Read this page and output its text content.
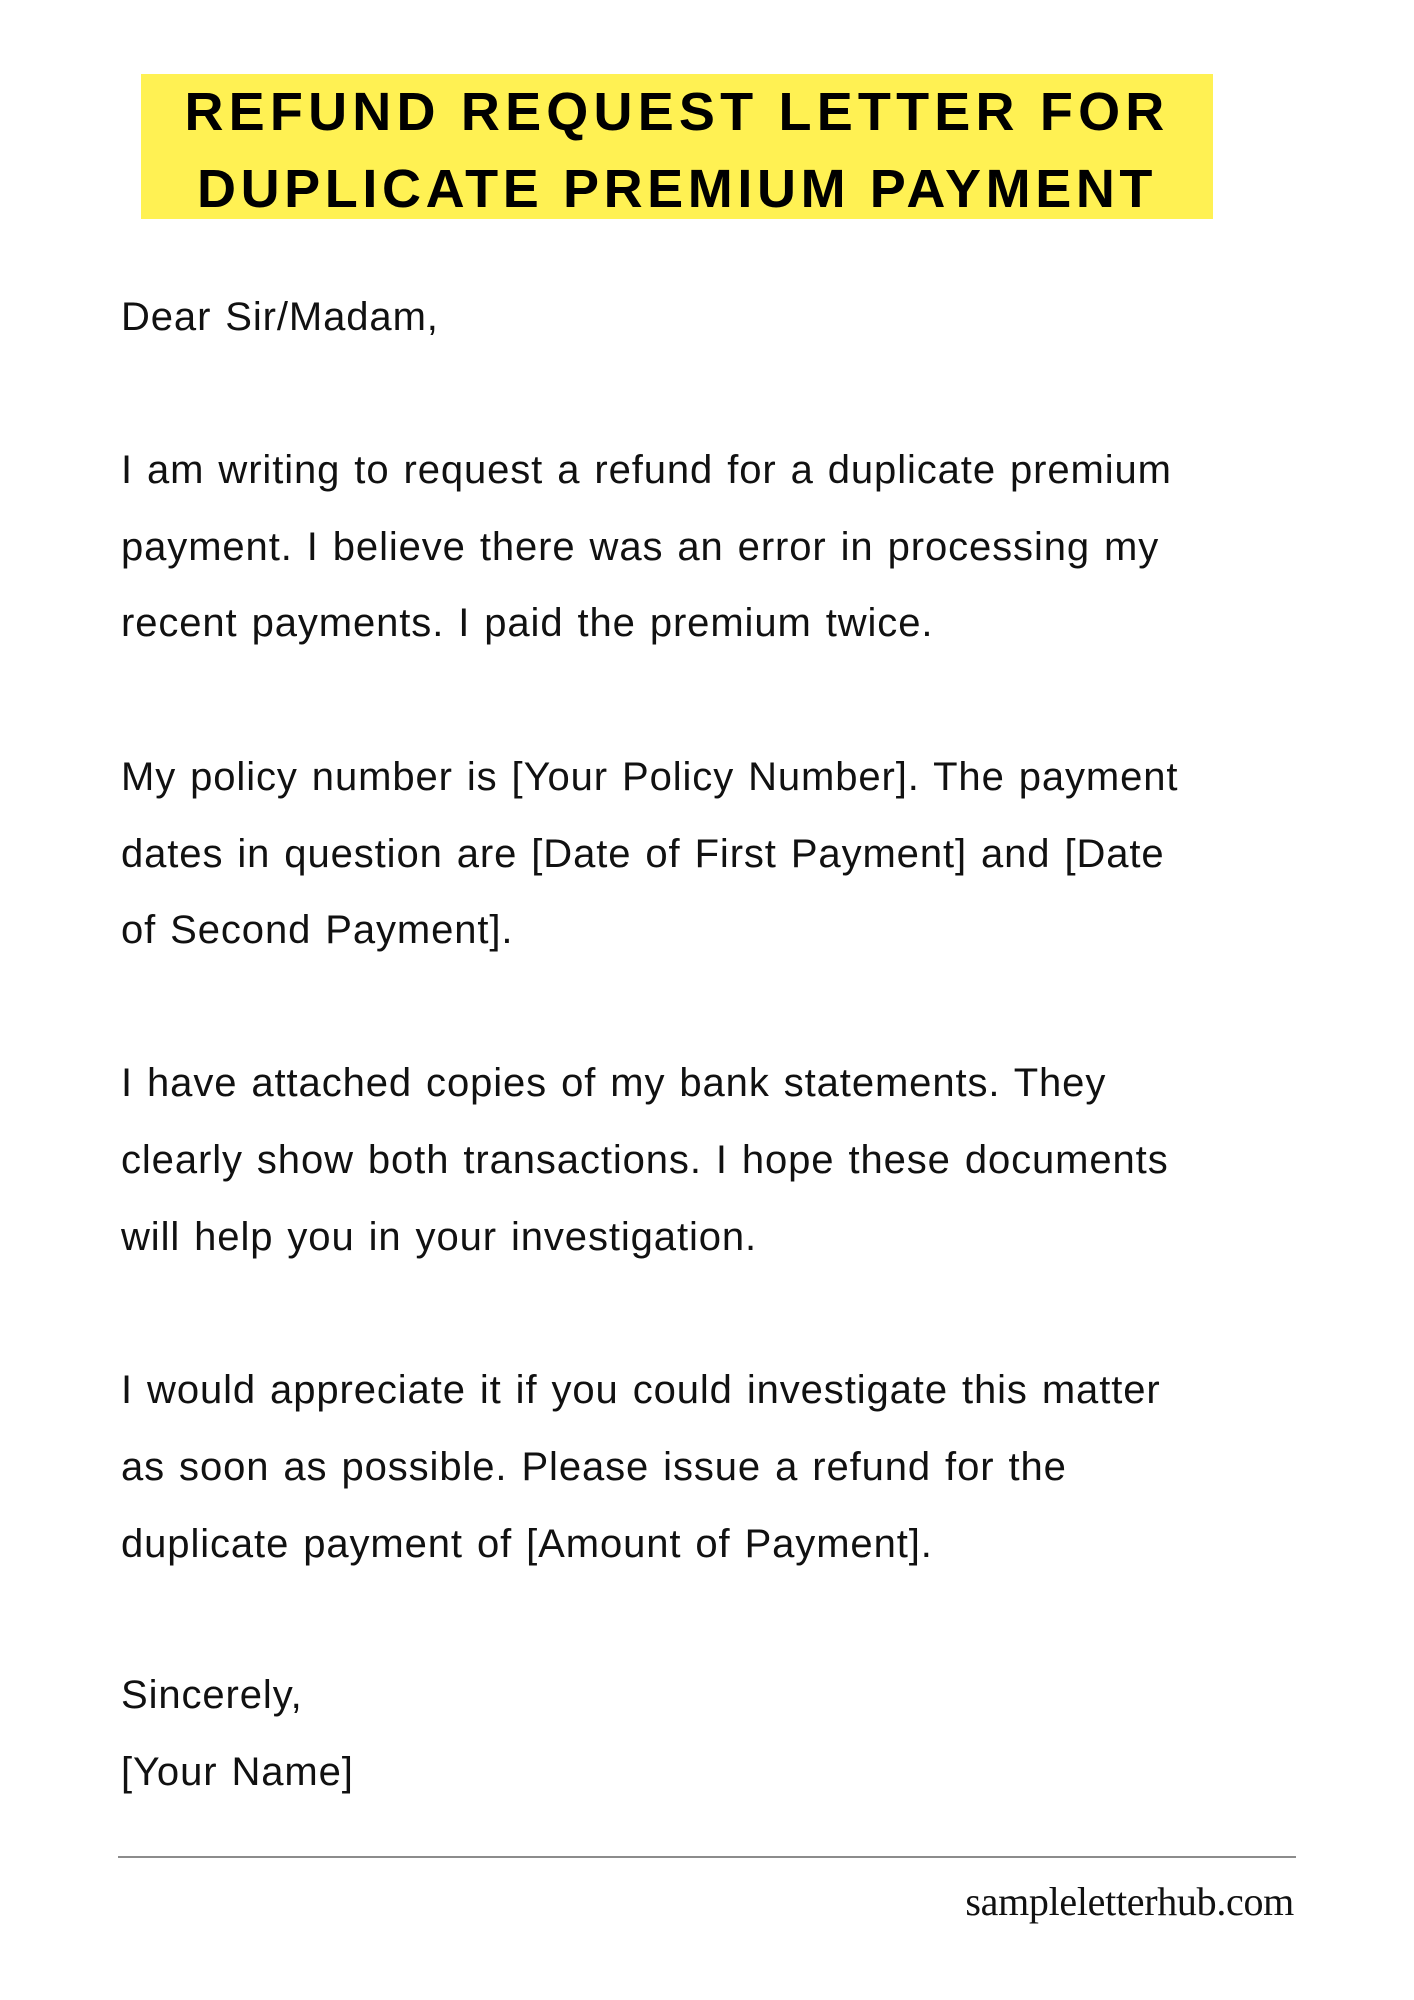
REFUND REQUEST LETTER FOR
DUPLICATE PREMIUM PAYMENT
Dear Sir/Madam,
I am writing to request a refund for a duplicate premium
payment. I believe there was an error in processing my
recent payments. I paid the premium twice.
My policy number is [Your Policy Number]. The payment
dates in question are [Date of First Payment] and [Date
of Second Payment].
I have attached copies of my bank statements. They
clearly show both transactions. I hope these documents
will help you in your investigation.
I would appreciate it if you could investigate this matter
as soon as possible. Please issue a refund for the
duplicate payment of [Amount of Payment].
Sincerely,
[Your Name]
sampleletterhub.com
